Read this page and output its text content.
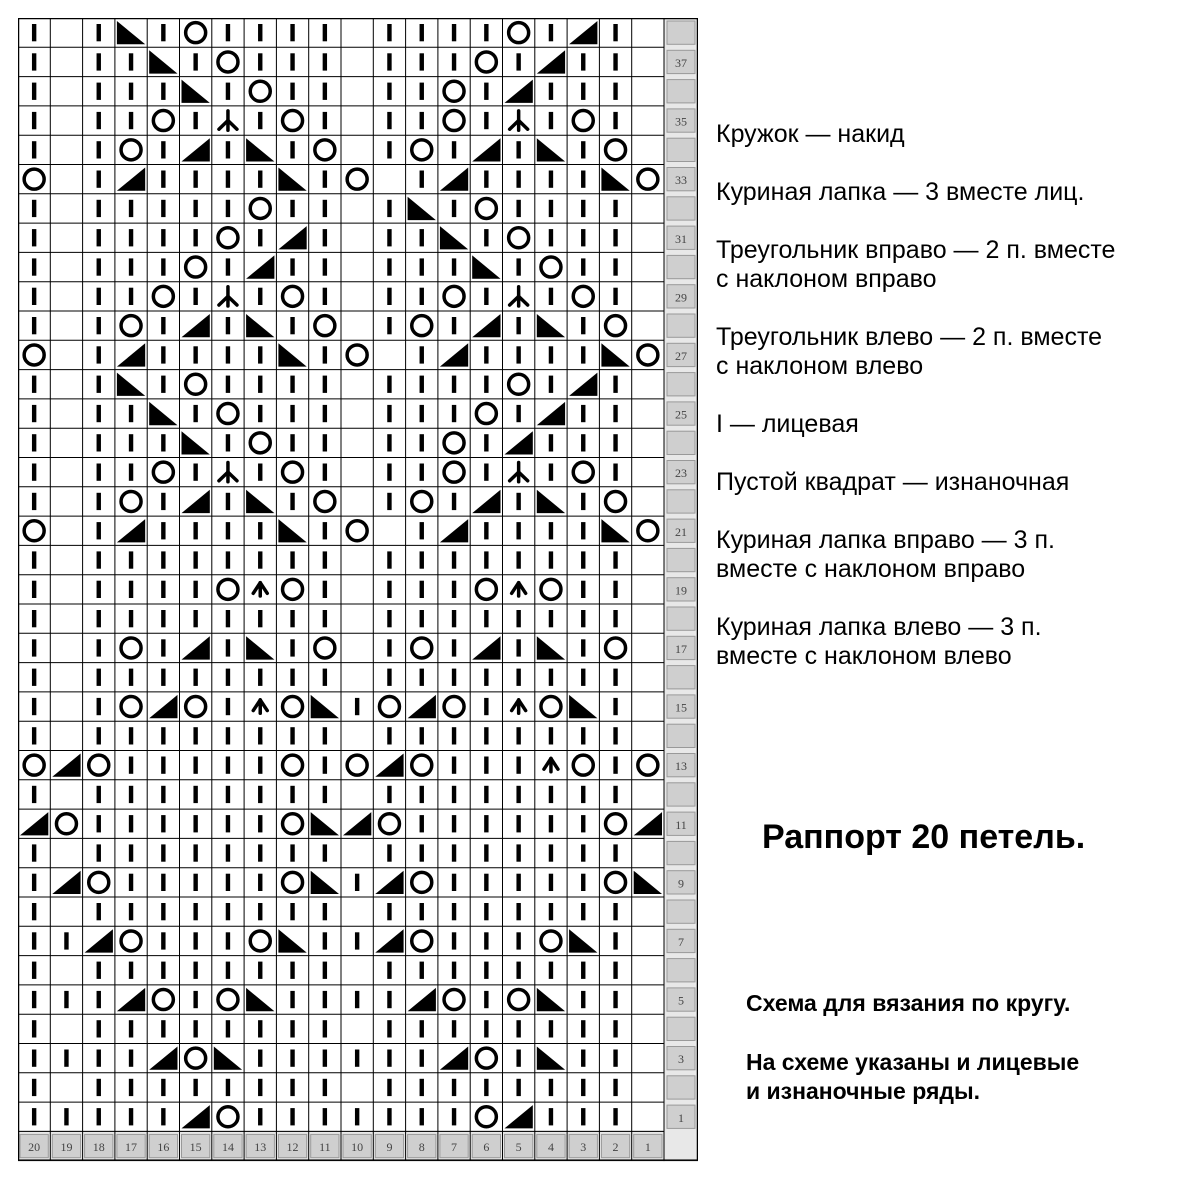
1
3
5
7
9
11
13
15
17
19
21
23
25
27
29
31
33
35
37
20 19 18 17 16 15 14 13 12 11 10 9 8 7 6 5 4 3 2 1
Кружок — накид
Куриная лапка — 3 вместе лиц.
Треугольник вправо — 2 п. вместе
с наклоном вправо
Треугольник влево — 2 п. вместе
с наклоном влево
I — лицевая
Пустой квадрат — изнаночная
Куриная лапка вправо — 3 п.
вместе с наклоном вправо
Куриная лапка влево — 3 п.
вместе с наклоном влево
Раппорт 20 петель.
Схема для вязания по кругу.
На схеме указаны и лицевые
и изнаночные ряды.
